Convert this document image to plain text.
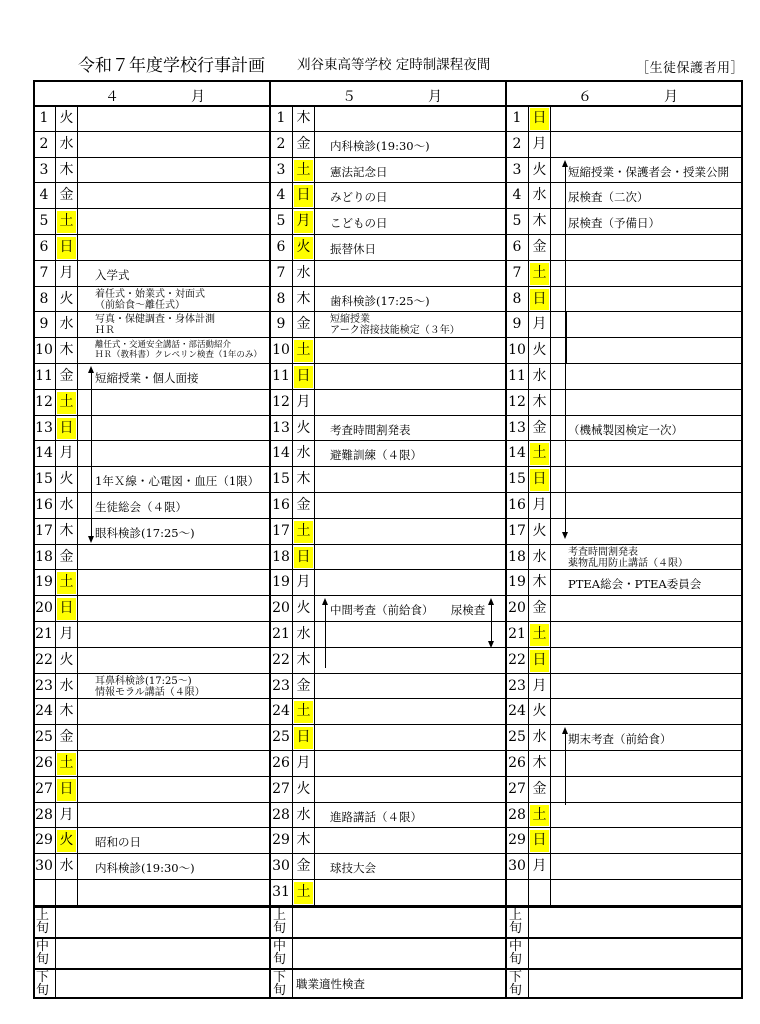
令和７年度学校行事計画 刈谷東高等学校 定時制課程夜間	［生徒保護者用］
４	月
1 火
2 水
3 木
4 金
5 土
6 日
7 月 入学式
8 火 着任式・始業式・対面式
（前給食～離任式）
9 水 写真・保健調査・身体計測
ＨＲ
10 木	離任式・交通安全講話・部活動紹介
ＨＲ（教科書）クレペリン検査（1年のみ）
11 金 短縮授業・個人面接
12 土
13 日
14 月
15 火 1年Ｘ線・心電図・血圧（1限）
16 水 生徒総会（４限）
17 木 眼科検診(17:25～)
18 金
19 土
20 日
21 月
22 火
23 水 耳鼻科検診(17:25～)
情報モラル講話（４限）
24 木
25 金
26 土
27 日
28 月
29 火 昭和の日
30 水 内科検診(19:30～)
上旬
中旬
下旬
５	月
1 木
2 金 内科検診(19:30～)
3 土 憲法記念日
4 日 みどりの日
5 月 こどもの日
6 火 振替休日
7 水
8 木 歯科検診(17:25～)
9 金 短縮授業
アーク溶接技能検定（３年）
10 土
11 日
12 月
13 火 考査時間割発表
14 水 避難訓練（４限）
15 木
16 金
17 土
18 日
19 月
20 火 中間考査（前給食）　　尿検査
21 水
22 木
23 金
24 土
25 日
26 月
27 火
28 水 進路講話（４限）
29 木
30 金 球技大会
31 土
上旬
中旬
下旬 職業適性検査
６	月
1 日
2 月
3 火 短縮授業・保護者会・授業公開
4 水 尿検査（二次）
5 木 尿検査（予備日）
6 金
7 土
8 日
9 月
10 火
11 水
12 木
13 金 （機械製図検定一次）
14 土
15 日
16 月
17 火
18 水 考査時間割発表
薬物乱用防止講話（４限）
19 木 PTEA総会・PTEA委員会
20 金
21 土
22 日
23 月
24 火
25 水 期末考査（前給食）
26 木
27 金
28 土
29 日
30 月
上旬
中旬
下旬
